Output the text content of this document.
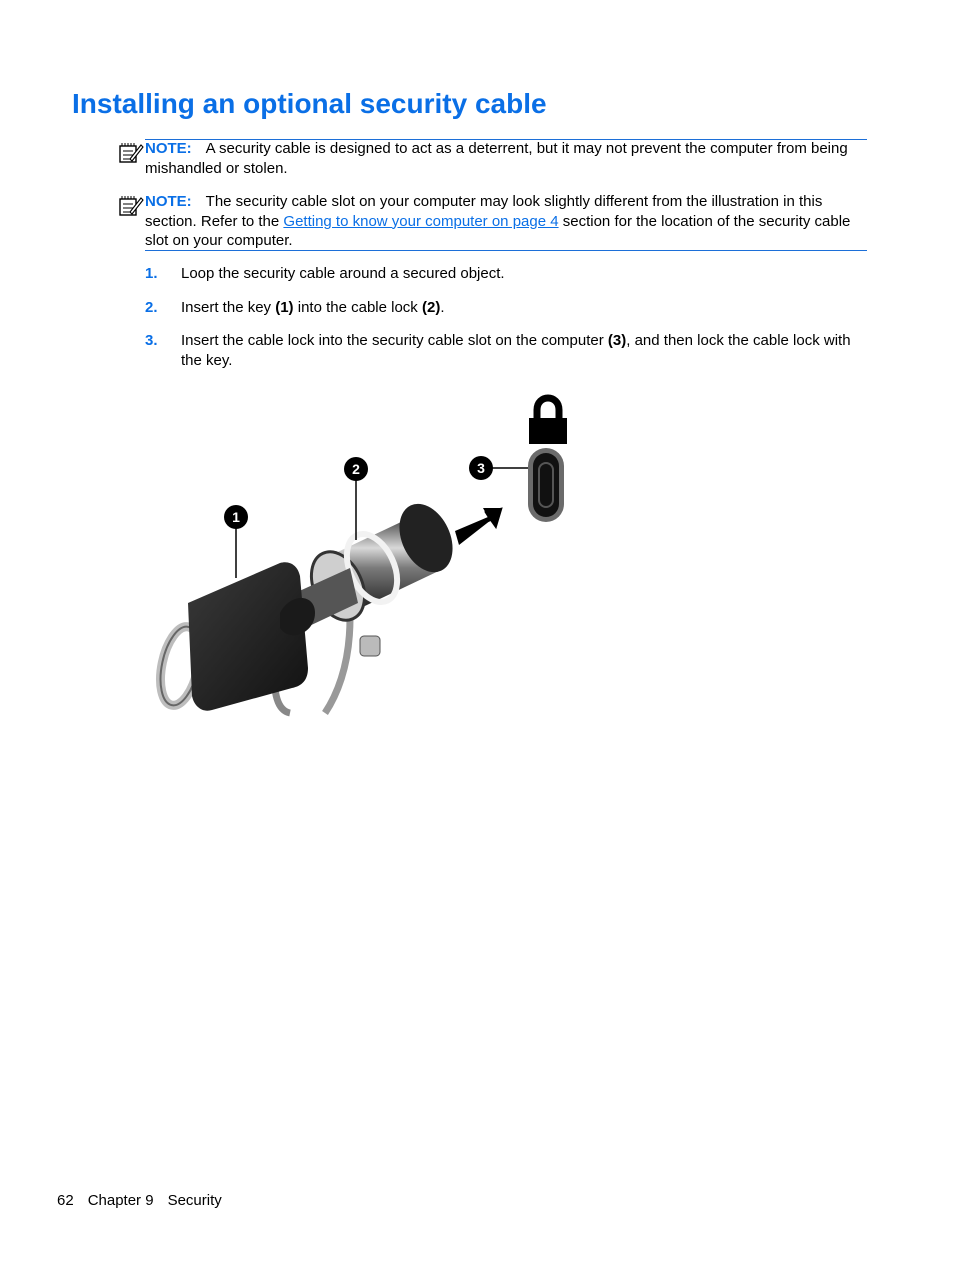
Installing an optional security cable
NOTE: A security cable is designed to act as a deterrent, but it may not prevent the computer from being mishandled or stolen.
NOTE: The security cable slot on your computer may look slightly different from the illustration in this section. Refer to the Getting to know your computer on page 4 section for the location of the security cable slot on your computer.
1. Loop the security cable around a secured object.
2. Insert the key (1) into the cable lock (2).
3. Insert the cable lock into the security cable slot on the computer (3), and then lock the cable lock with the key.
1
2	3
62 Chapter 9 Security
